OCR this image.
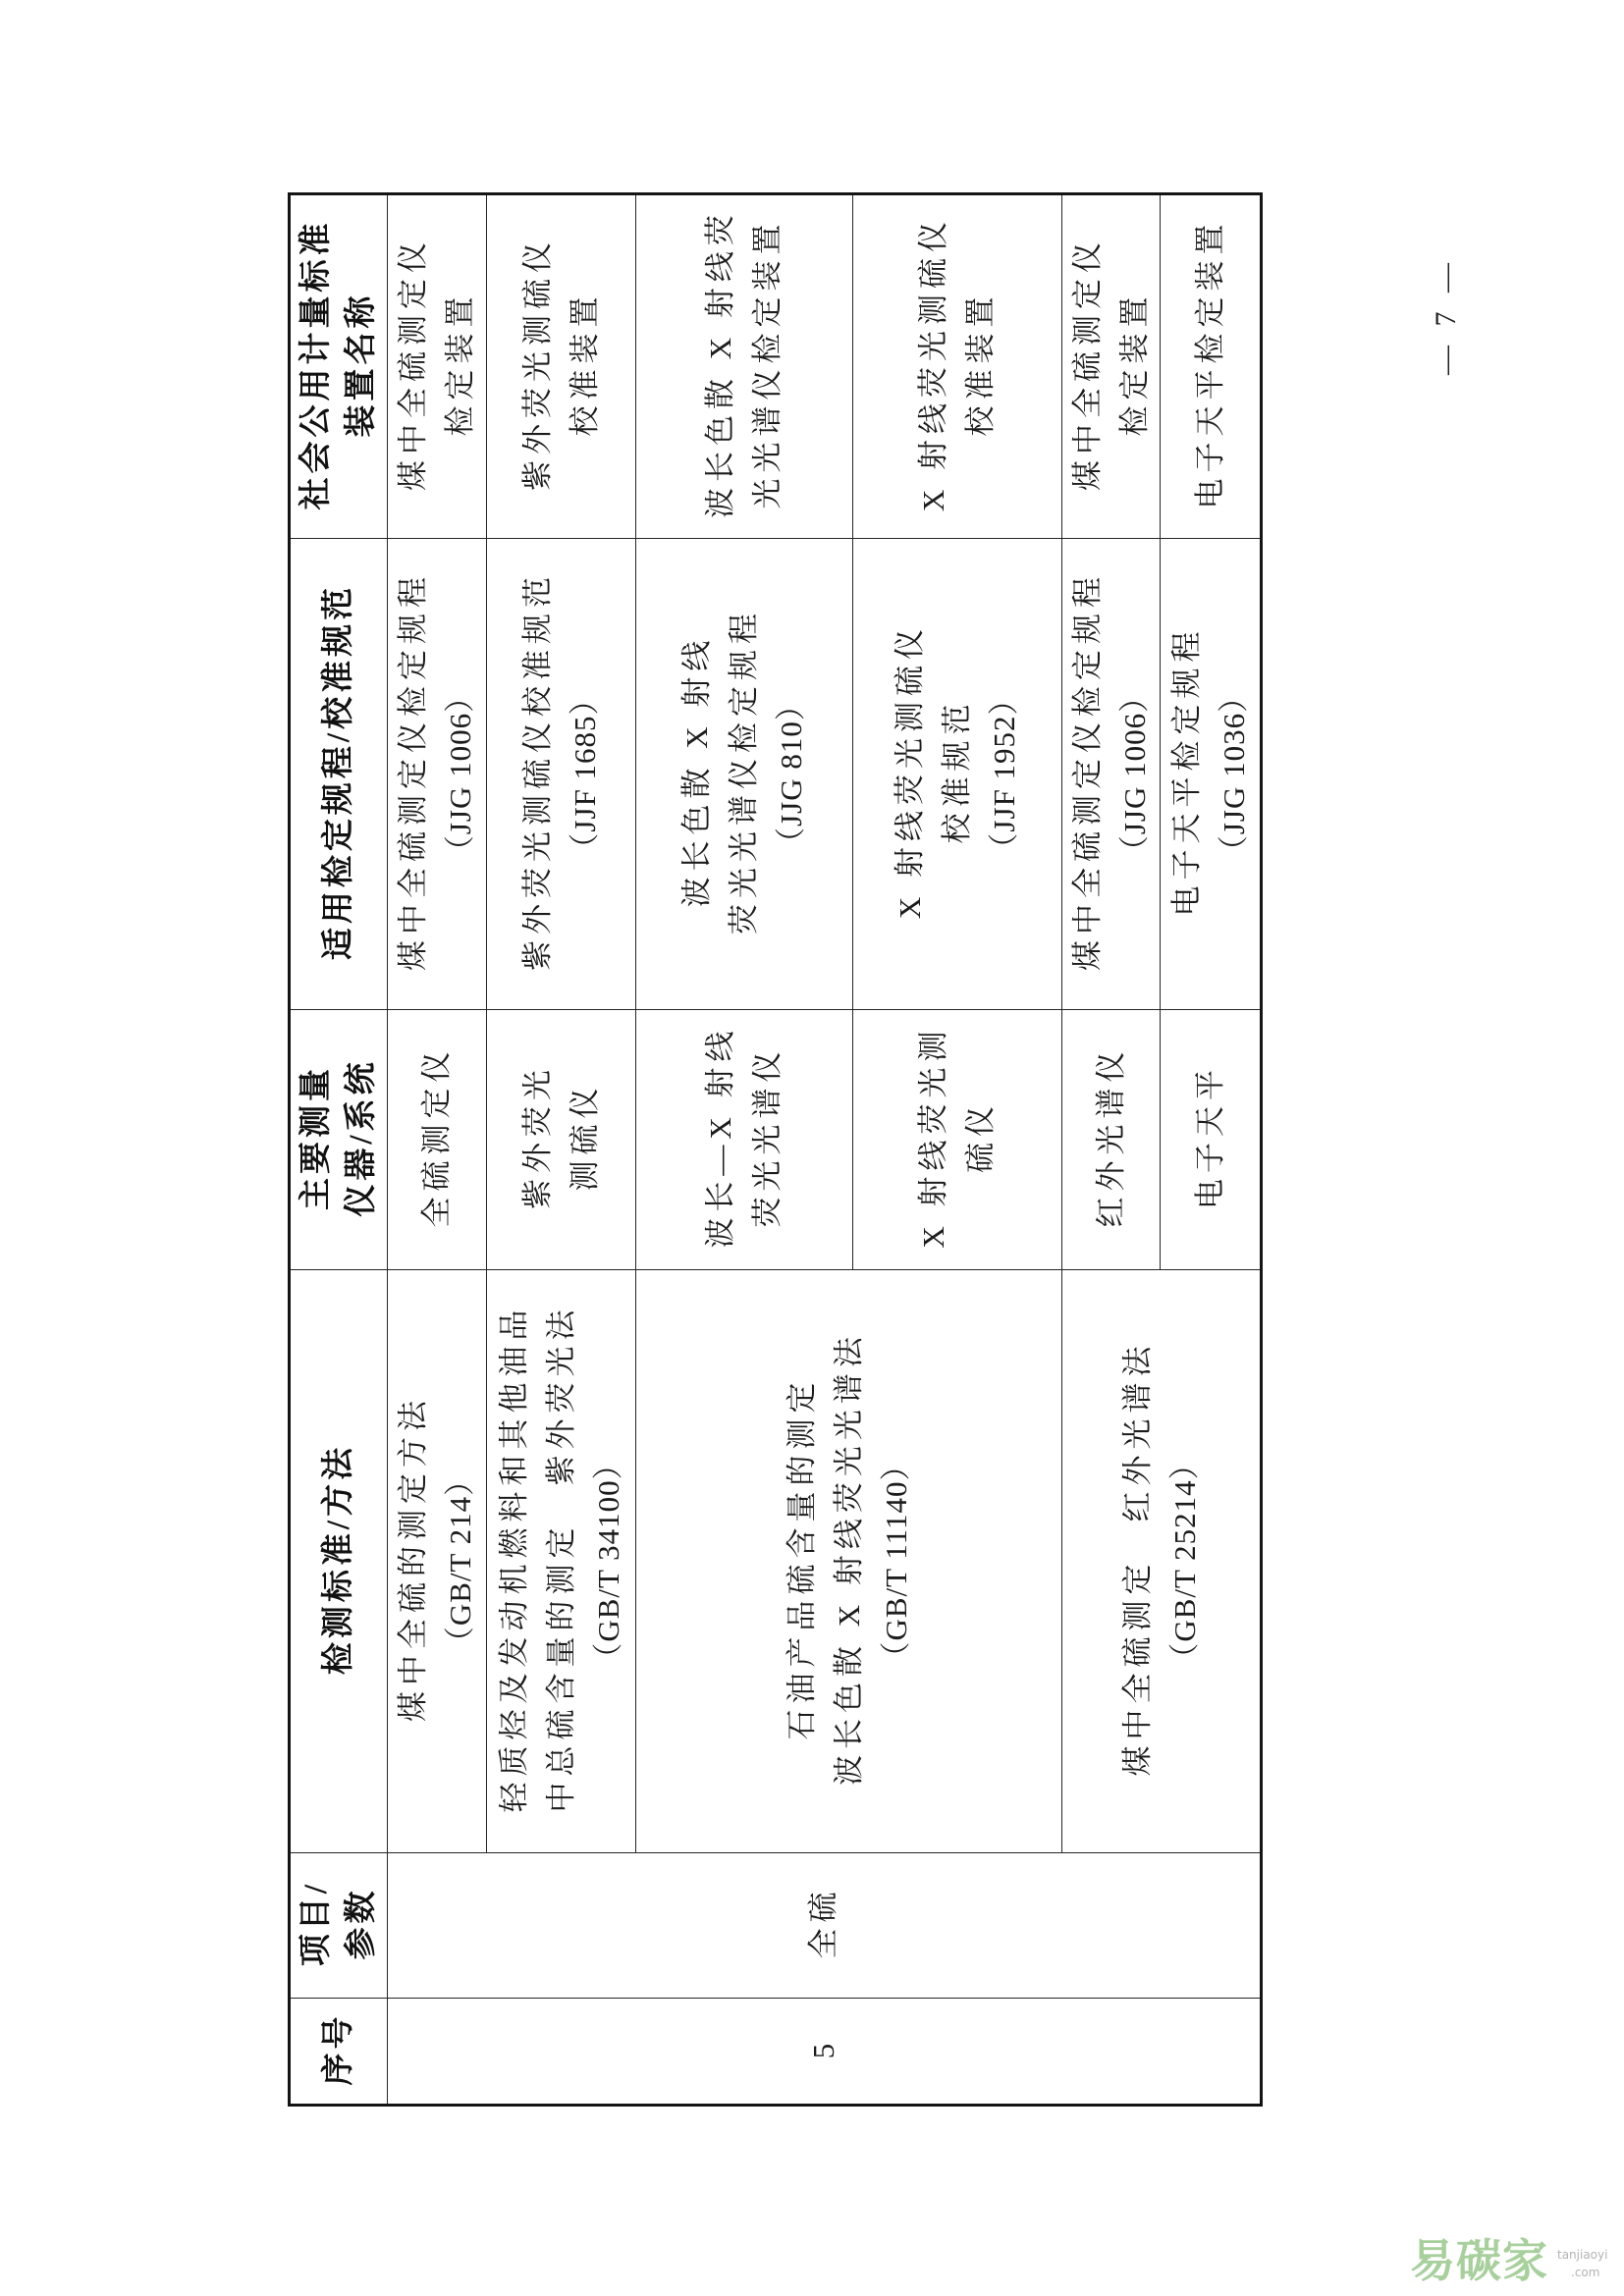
序号	项目/ 参数	检测标准/方法	主要测量 仪器/系统	适用检定规程/校准规范	社会公用计量标准 装置名称

5	全硫	煤中全硫的测定方法 （GB/T 214）	全硫测定仪	煤中全硫测定仪检定规程 （JJG 1006）	煤中全硫测定仪 检定装置

		轻质烃及发动机燃料和其他油品 中总硫含量的测定　紫外荧光法 （GB/T 34100）	紫外荧光 测硫仪	紫外荧光测硫仪校准规范 （JJF 1685）	紫外荧光测硫仪 校准装置

		石油产品硫含量的测定 波长色散 X 射线荧光光谱法 （GB/T 11140）	波长—X 射线 荧光光谱仪	波长色散 X 射线 荧光光谱仪检定规程 （JJG 810）	波长色散 X 射线荧 光光谱仪检定装置

			X 射线荧光测 硫仪	X 射线荧光测硫仪 校准规范 （JJF 1952）	X 射线荧光测硫仪 校准装置

		煤中全硫测定　红外光谱法 （GB/T 25214）	红外光谱仪	煤中全硫测定仪检定规程 （JJG 1006）	煤中全硫测定仪 检定装置

			电子天平	电子天平检定规程 （JJG 1036）	电子天平检定装置	— 7 —
易碳家 tanjiaoyi
.com
